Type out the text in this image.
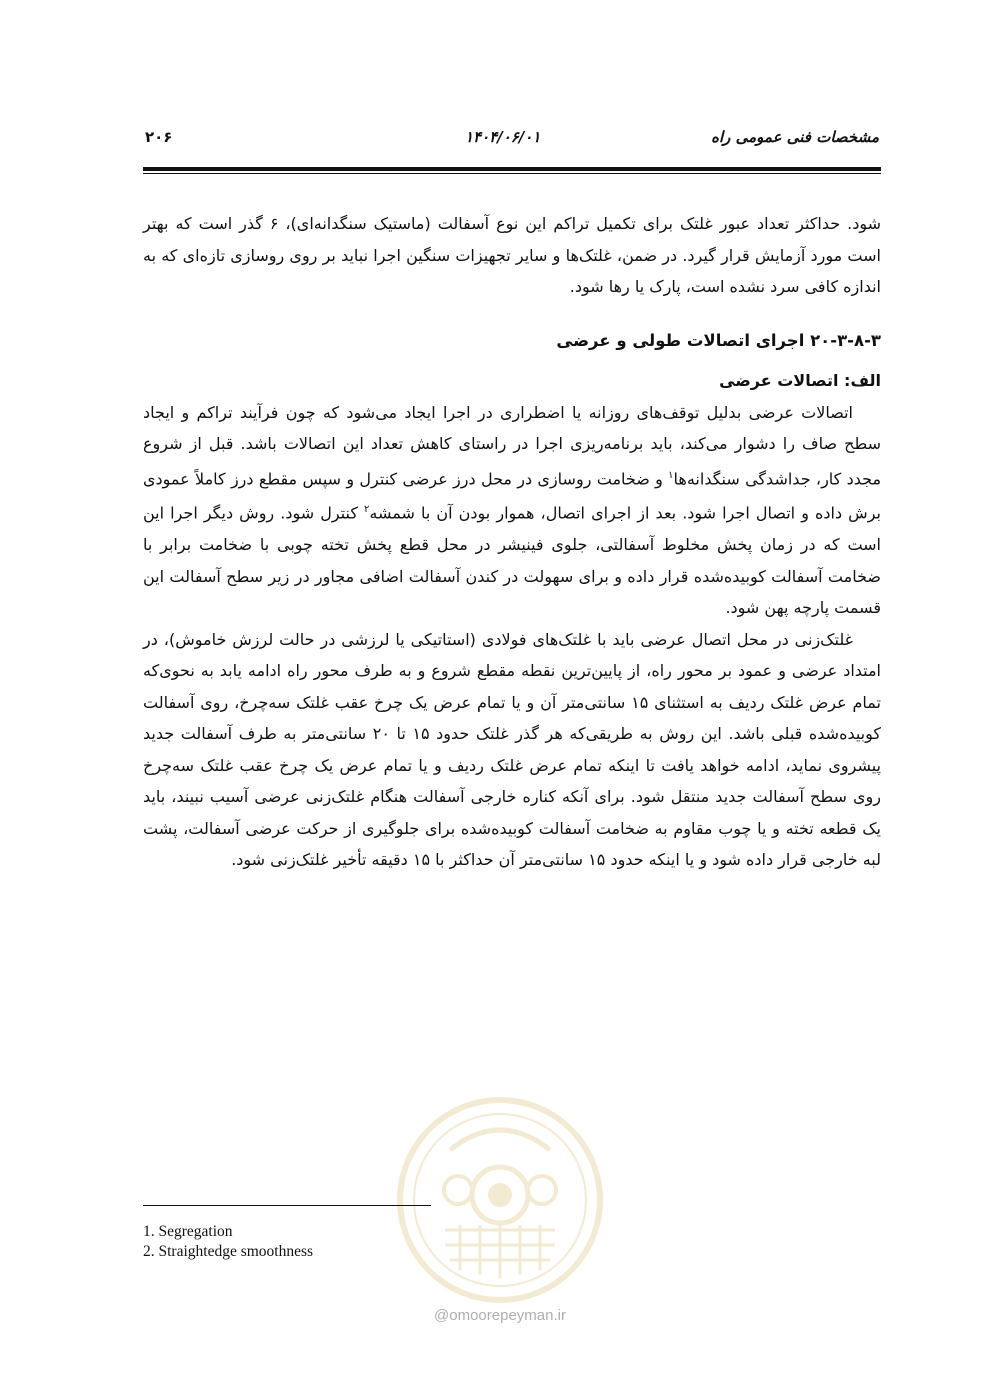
مشخصات فنی عمومی راه
۱۴۰۴/۰۶/۰۱
۲۰۶

شود. حداکثر تعداد عبور غلتک برای تکمیل تراکم این نوع آسفالت (ماستیک سنگدانه‌ای)، ۶ گذر است که بهتر است مورد آزمایش قرار گیرد. در ضمن، غلتک‌ها و سایر تجهیزات سنگین اجرا نباید بر روی روسازی تازه‌ای که به اندازه کافی سرد نشده است، پارک یا رها شود.

۲۰-۳-۸-۳ اجرای اتصالات طولی و عرضی
الف: اتصالات عرضی

اتصالات عرضی بدلیل توقف‌های روزانه یا اضطراری در اجرا ایجاد می‌شود که چون فرآیند تراکم و ایجاد سطح صاف را دشوار می‌کند، باید برنامه‌ریزی اجرا در راستای کاهش تعداد این اتصالات باشد. قبل از شروع مجدد کار، جداشدگی سنگدانه‌ها$^۱$ و ضخامت روسازی در محل درز عرضی کنترل و سپس مقطع درز کاملاً عمودی برش داده و اتصال اجرا شود. بعد از اجرای اتصال، هموار بودن آن با شمشه$^۲$ کنترل شود. روش دیگر اجرا این است که در زمان پخش مخلوط آسفالتی، جلوی فینیشر در محل قطع پخش تخته چوبی با ضخامت برابر با ضخامت آسفالت کوبیده‌شده قرار داده و برای سهولت در کندن آسفالت اضافی مجاور در زیر سطح آسفالت این قسمت پارچه پهن شود.

غلتک‌زنی در محل اتصال عرضی باید با غلتک‌های فولادی (استاتیکی یا لرزشی در حالت لرزش خاموش)، در امتداد عرضی و عمود بر محور راه، از پایین‌ترین نقطه مقطع شروع و به طرف محور راه ادامه یابد به نحوی‌که تمام عرض غلتک ردیف به استثنای ۱۵ سانتی‌متر آن و یا تمام عرض یک چرخ عقب غلتک سه‌چرخ، روی آسفالت کوبیده‌شده قبلی باشد. این روش به طریقی‌که هر گذر غلتک حدود ۱۵ تا ۲۰ سانتی‌متر به طرف آسفالت جدید پیشروی نماید، ادامه خواهد یافت تا اینکه تمام عرض غلتک ردیف و یا تمام عرض یک چرخ عقب غلتک سه‌چرخ روی سطح آسفالت جدید منتقل شود. برای آنکه کناره خارجی آسفالت هنگام غلتک‌زنی عرضی آسیب نبیند، باید یک قطعه تخته و یا چوب مقاوم به ضخامت آسفالت کوبیده‌شده برای جلوگیری از حرکت عرضی آسفالت، پشت لبه خارجی قرار داده شود و یا اینکه حدود ۱۵ سانتی‌متر آن حداکثر با ۱۵ دقیقه تأخیر غلتک‌زنی شود.

@omoorepeyman.ir
1. Segregation
2. Straightedge smoothness
